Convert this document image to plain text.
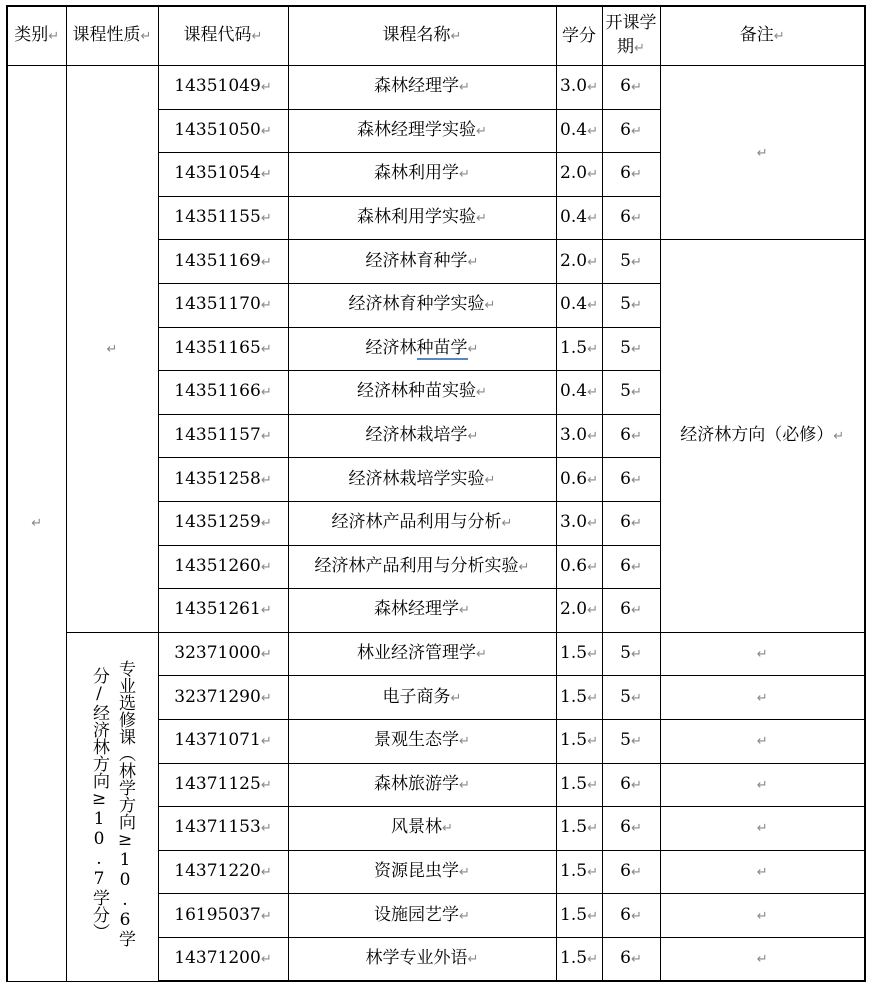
类别↵	课程性质↵	课程代码↵	课程名称↵	学分	开课学期↵	备注↵
↵	↵	14351049↵	森林经理学↵	3.0↵	6↵	↵
		14351050↵	森林经理学实验↵	0.4↵	6↵	
		14351054↵	森林利用学↵	2.0↵	6↵	
		14351155↵	森林利用学实验↵	0.4↵	6↵	
		14351169↵	经济林育种学↵	2.0↵	5↵	经济林方向（必修）↵
		14351170↵	经济林育种学实验↵	0.4↵	5↵	
		14351165↵	经济林种苗学↵	1.5↵	5↵	
		14351166↵	经济林种苗实验↵	0.4↵	5↵	
		14351157↵	经济林栽培学↵	3.0↵	6↵	
		14351258↵	经济林栽培学实验↵	0.6↵	6↵	
		14351259↵	经济林产品利用与分析↵	3.0↵	6↵	
		14351260↵	经济林产品利用与分析实验↵	0.6↵	6↵	
		14351261↵	森林经理学↵	2.0↵	6↵	
	专业选修课（林学方向≥10.6学分/经济林方向≥10.7学分）	32371000↵	林业经济管理学↵	1.5↵	5↵	↵
		32371290↵	电子商务↵	1.5↵	5↵	↵
		14371071↵	景观生态学↵	1.5↵	5↵	↵
		14371125↵	森林旅游学↵	1.5↵	6↵	↵
		14371153↵	风景林↵	1.5↵	6↵	↵
		14371220↵	资源昆虫学↵	1.5↵	6↵	↵
		16195037↵	设施园艺学↵	1.5↵	6↵	↵
		14371200↵	林学专业外语↵	1.5↵	6↵	↵
